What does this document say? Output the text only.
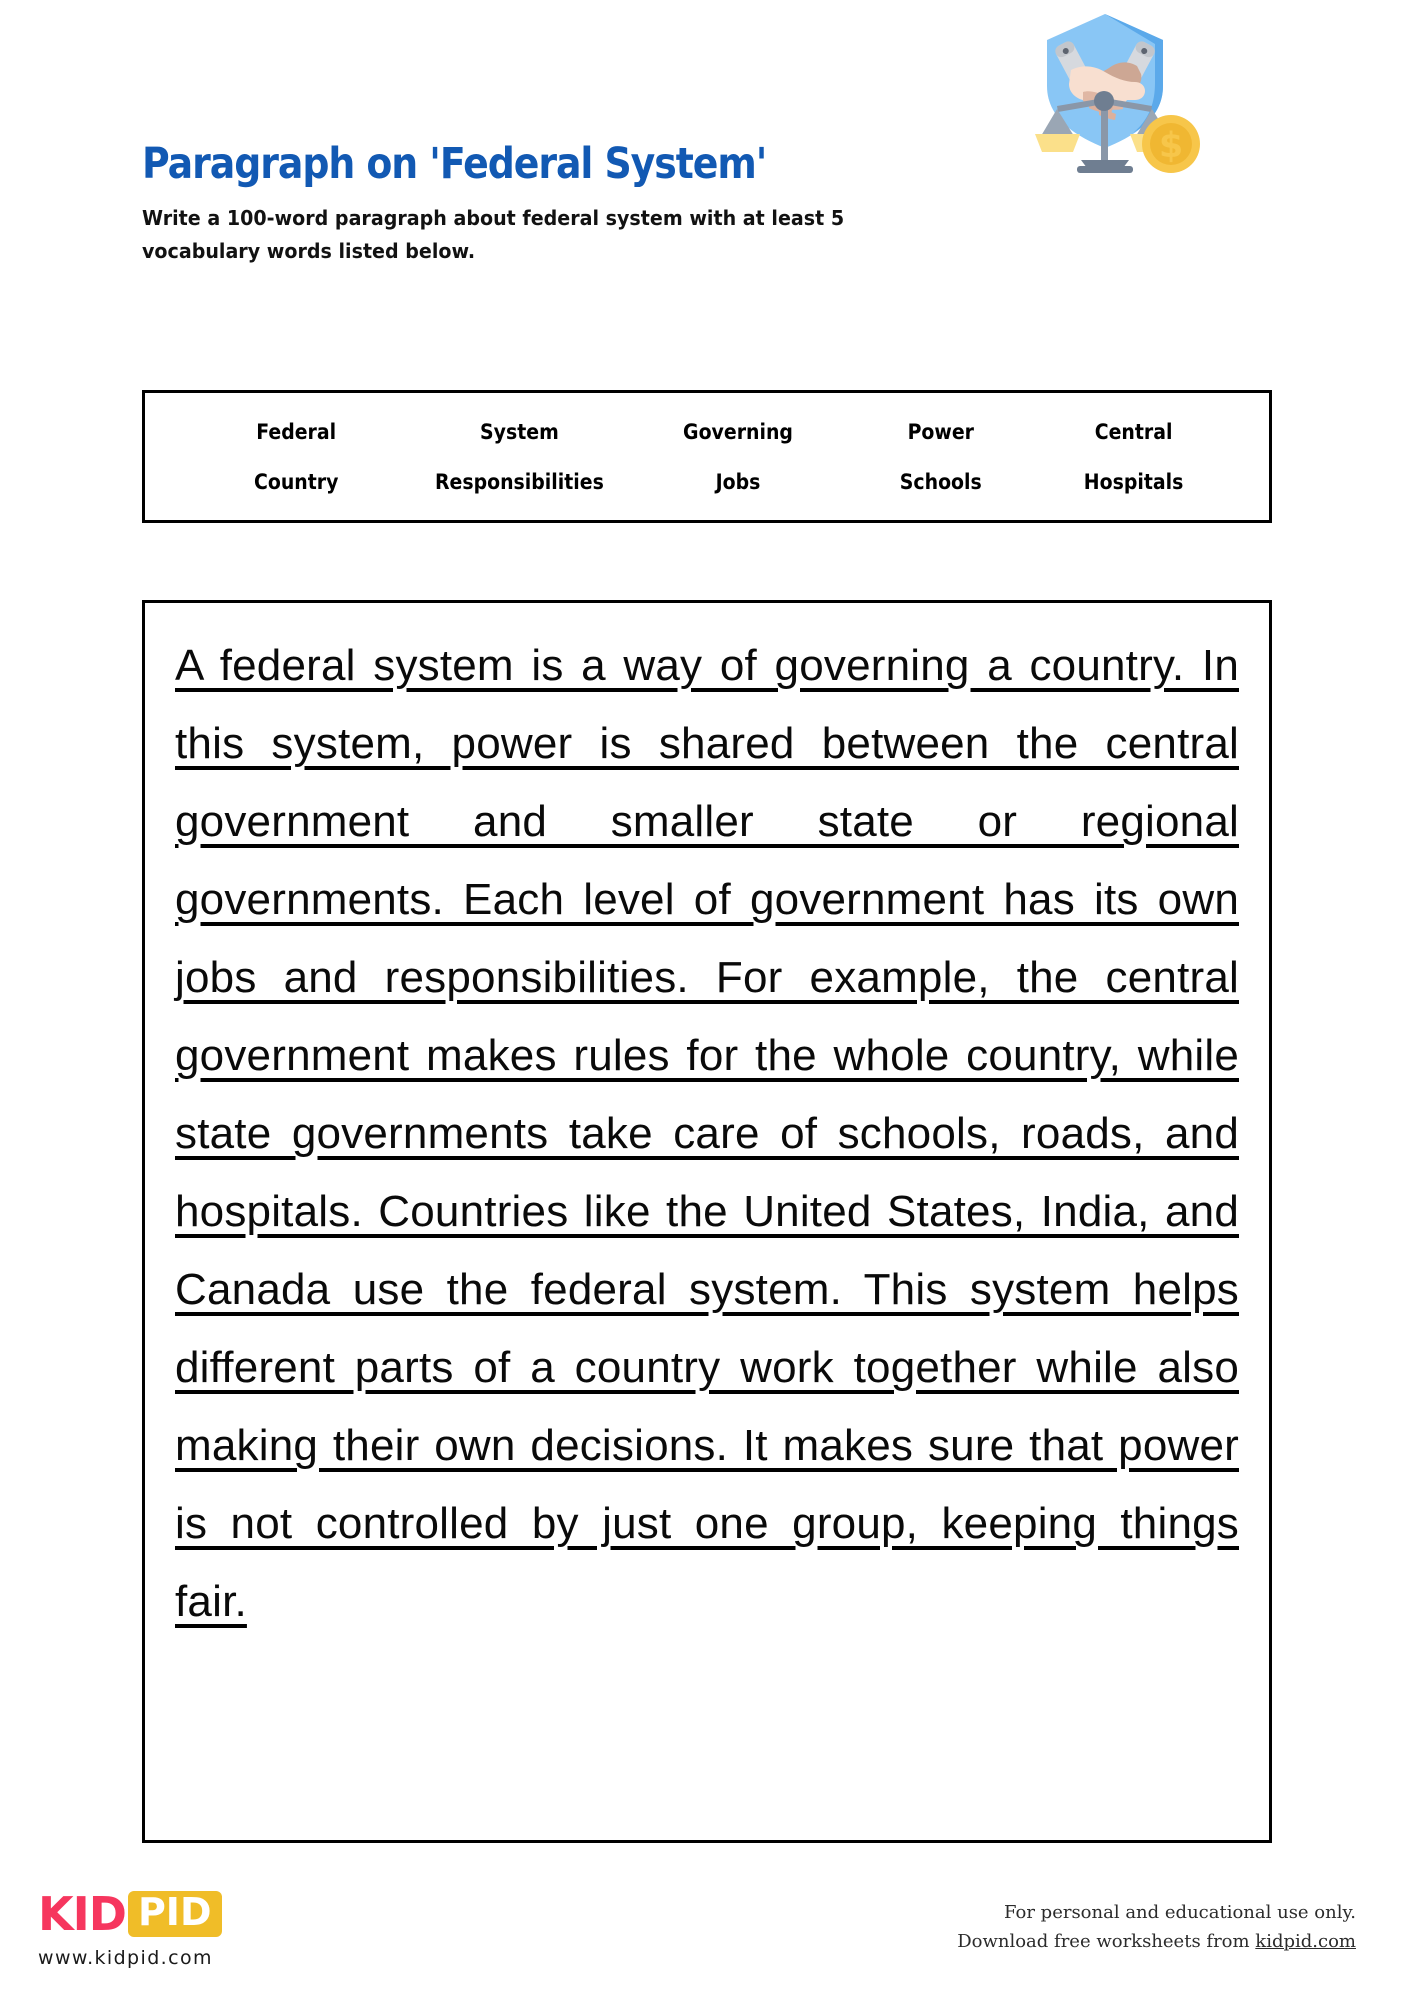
Paragraph on 'Federal System'

Write a 100-word paragraph about federal system with at least 5 vocabulary words listed below.

$
Federal	System	Governing	Power	Central
Country	Responsibilities	Jobs	Schools	Hospitals

A federal system is a way of governing a country. In this system, power is shared between the central government and smaller state or regional governments. Each level of government has its own jobs and responsibilities. For example, the central government makes rules for the whole country, while state governments take care of schools, roads, and hospitals. Countries like the United States, India, and Canada use the federal system. This system helps different parts of a country work together while also making their own decisions. It makes sure that power is not controlled by just one group, keeping things fair.

KID PID
www.kidpid.com
For personal and educational use only.
Download free worksheets from kidpid.com
